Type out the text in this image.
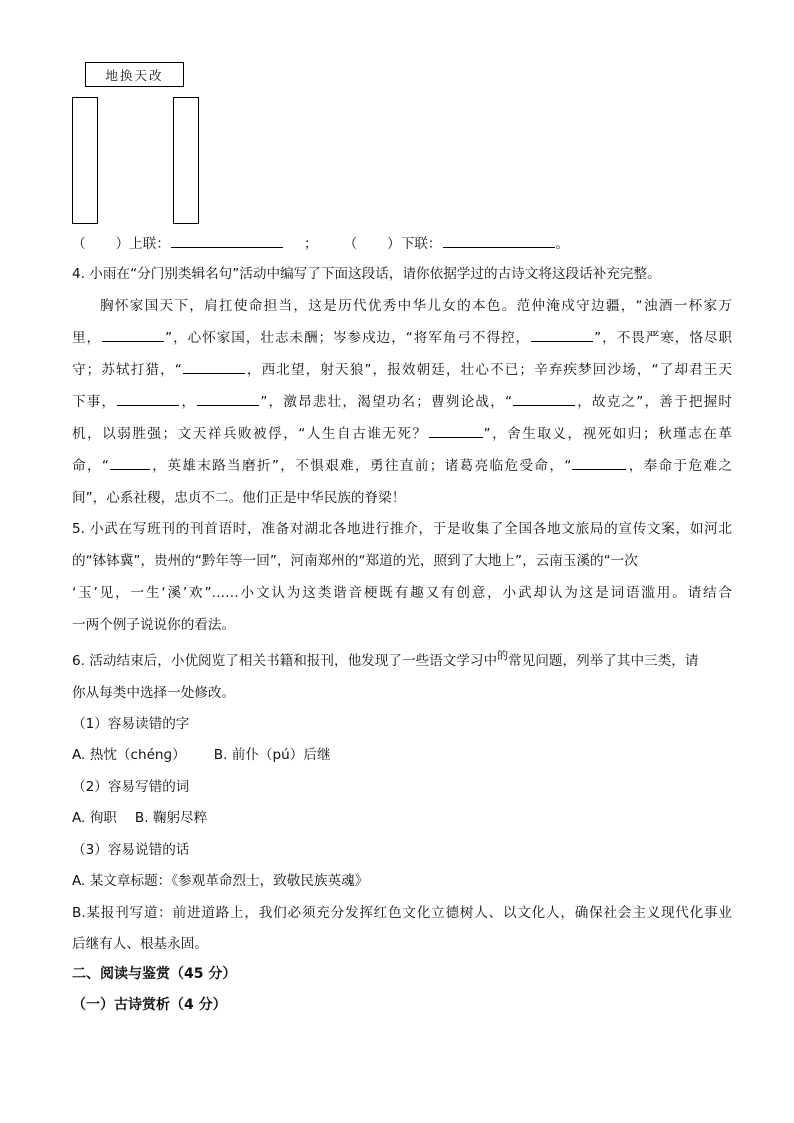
地换天改
（ ）上联：	； （ ）下联：	。
4. 小雨在“分门别类辑名句”活动中编写了下面这段话，请你依据学过的古诗文将这段话补充完整。
胸怀家国天下，肩扛使命担当，这是历代优秀中华儿女的本色。范仲淹戍守边疆，“浊酒一杯家万
里，	”，心怀家国，壮志未酬；岑参戍边，“将军角弓不得控，	”，不畏严寒，恪尽职
守；苏轼打猎，“	，西北望，射天狼”，报效朝廷，壮心不已；辛弃疾梦回沙场，“了却君王天
下事，	，	”，激昂悲壮，渴望功名；曹刿论战，“	，故克之”，善于把握时
机，以弱胜强；文天祥兵败被俘，“人生自古谁无死？	”，舍生取义，视死如归；秋瑾志在革
命，“	，英雄末路当磨折”，不惧艰难，勇往直前；诸葛亮临危受命，“	，奉命于危难之
间”，心系社稷，忠贞不二。他们正是中华民族的脊梁！
5. 小武在写班刊的刊首语时，准备对湖北各地进行推介，于是收集了全国各地文旅局的宣传文案，如河北
的“钵钵冀”，贵州的“黔年等一回”，河南郑州的“郑道的光，照到了大地上”，云南玉溪的“一次
‘玉’见，一生‘溪’欢”……小文认为这类谐音梗既有趣又有创意，小武却认为这是词语滥用。请结合
一两个例子说说你的看法。
6. 活动结束后，小优阅览了相关书籍和报刊，他发现了一些语文学习中$^的$常见问题，列举了其中三类，请
你从每类中选择一处修改。
（1）容易读错的字
A. 热忱（chénɡ） B. 前仆（pú）后继
（2）容易写错的词
A. 徇职 B. 鞠躬尽粹
（3）容易说错的话
A. 某文章标题：《参观革命烈士，致敬民族英魂》
B.某报刊写道：前进道路上，我们必须充分发挥红色文化立德树人、以文化人，确保社会主义现代化事业
后继有人、根基永固。
二、阅读与鉴赏（45 分）
（一）古诗赏析（4 分）
